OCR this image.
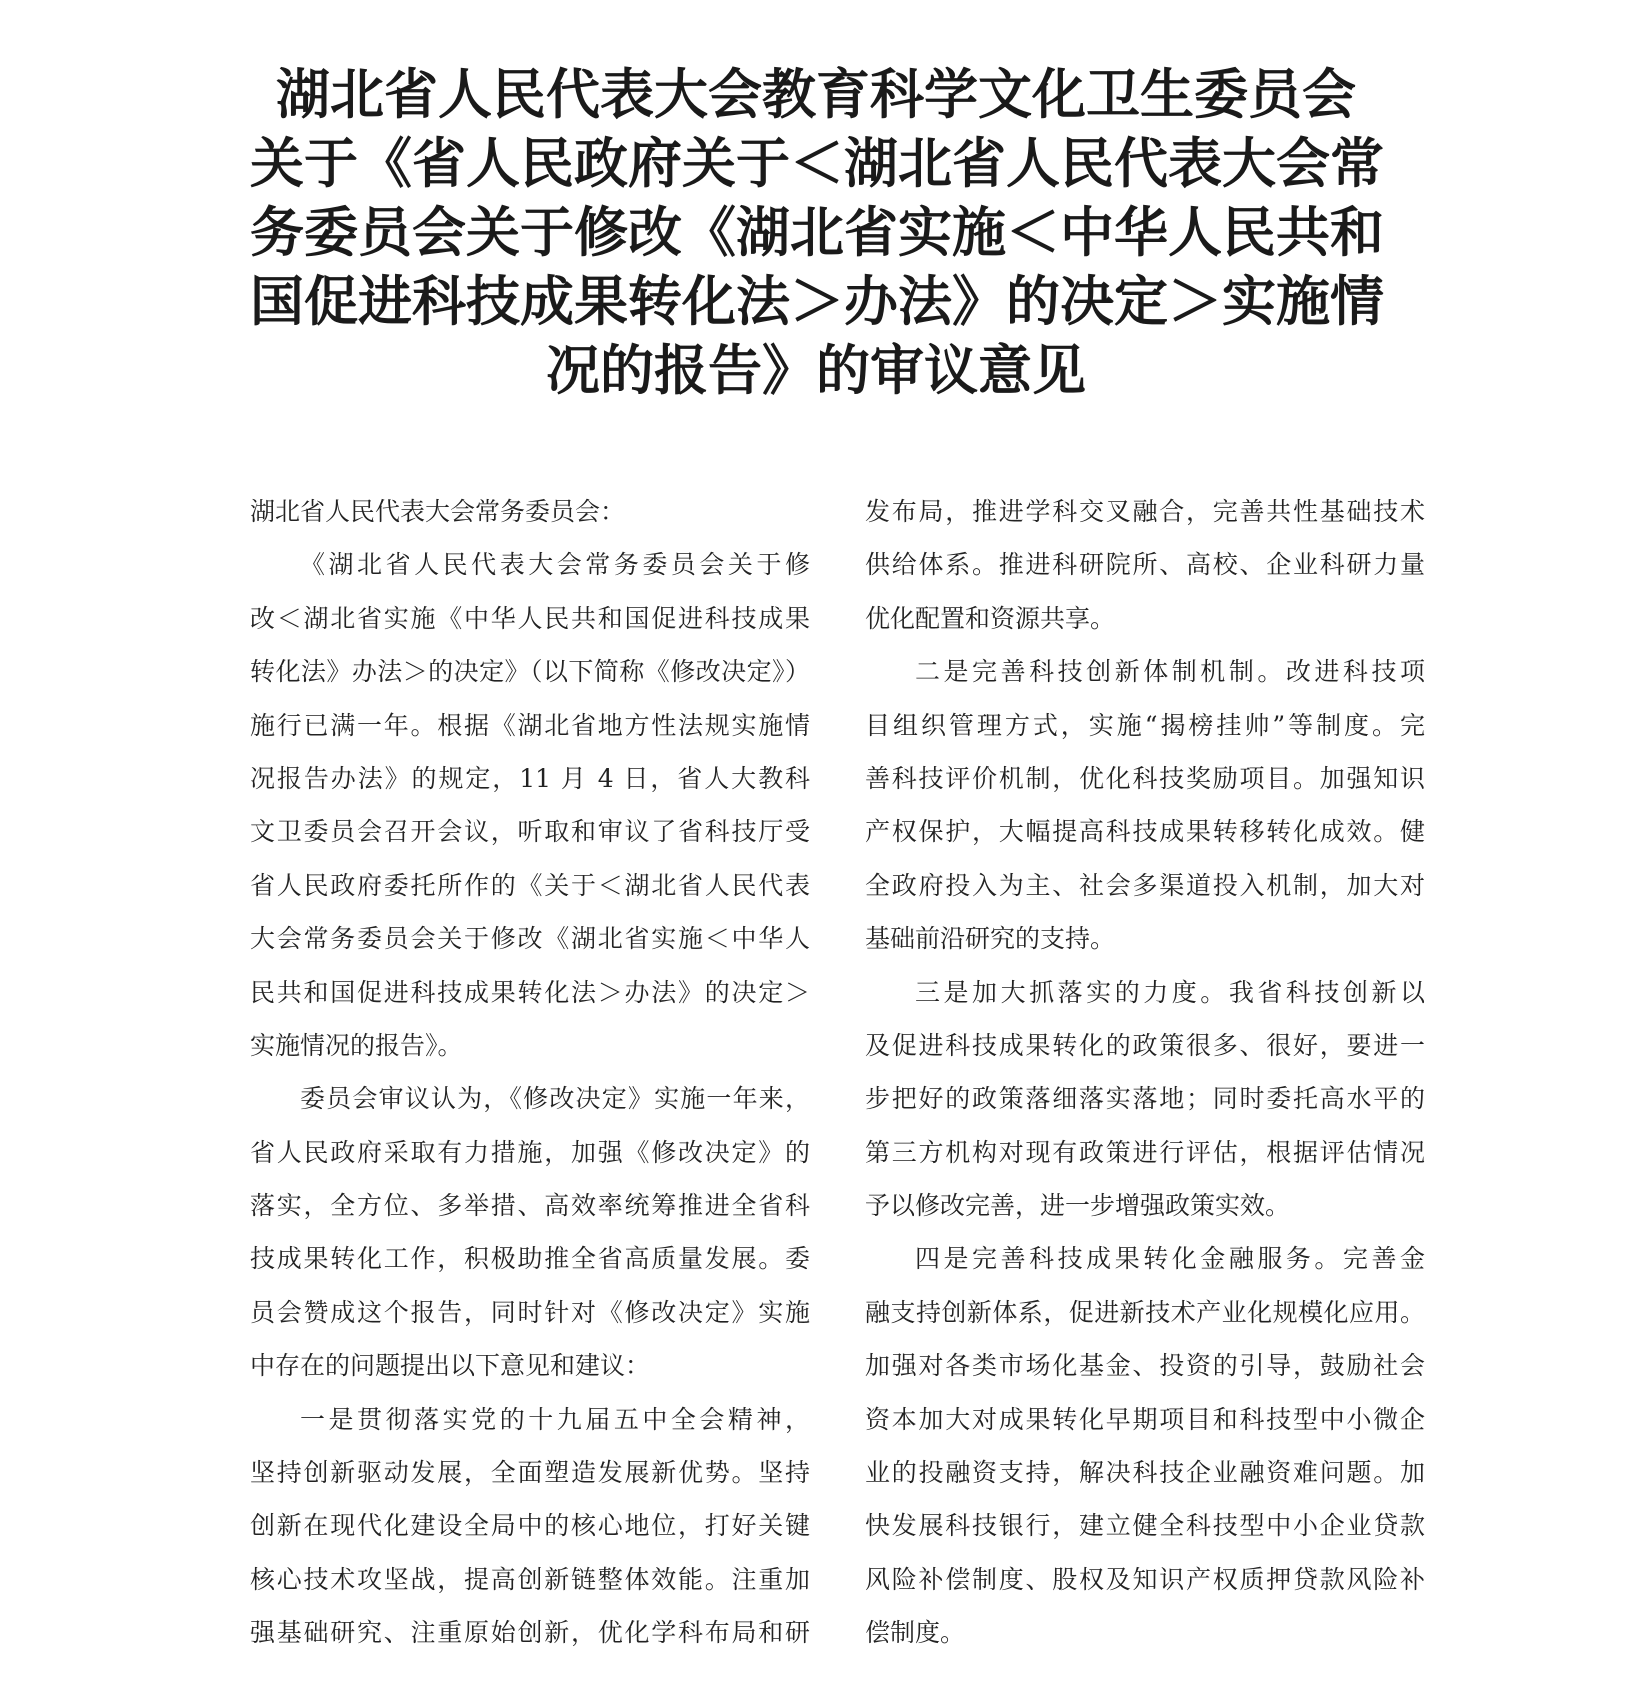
湖北省人民代表大会教育科学文化卫生委员会
关于《省人民政府关于＜湖北省人民代表大会常
务委员会关于修改《湖北省实施＜中华人民共和
国促进科技成果转化法＞办法》的决定＞实施情
况的报告》的审议意见
湖北省人民代表大会常务委员会：
《湖北省人民代表大会常务委员会关于修
改＜湖北省实施《中华人民共和国促进科技成果
转化法》办法＞的决定》（以下简称《修改决定》）
施行已满一年。根据《湖北省地方性法规实施情
况报告办法》的规定，11 月 4 日，省人大教科
文卫委员会召开会议，听取和审议了省科技厅受
省人民政府委托所作的《关于＜湖北省人民代表
大会常务委员会关于修改《湖北省实施＜中华人
民共和国促进科技成果转化法＞办法》的决定＞
实施情况的报告》。
委员会审议认为，《修改决定》实施一年来，
省人民政府采取有力措施，加强《修改决定》的
落实，全方位、多举措、高效率统筹推进全省科
技成果转化工作，积极助推全省高质量发展。委
员会赞成这个报告，同时针对《修改决定》实施
中存在的问题提出以下意见和建议：
一是贯彻落实党的十九届五中全会精神，
坚持创新驱动发展，全面塑造发展新优势。坚持
创新在现代化建设全局中的核心地位，打好关键
核心技术攻坚战，提高创新链整体效能。注重加
强基础研究、注重原始创新，优化学科布局和研
发布局，推进学科交叉融合，完善共性基础技术
供给体系。推进科研院所、高校、企业科研力量
优化配置和资源共享。
二是完善科技创新体制机制。改进科技项
目组织管理方式，实施“揭榜挂帅”等制度。完
善科技评价机制，优化科技奖励项目。加强知识
产权保护，大幅提高科技成果转移转化成效。健
全政府投入为主、社会多渠道投入机制，加大对
基础前沿研究的支持。
三是加大抓落实的力度。我省科技创新以
及促进科技成果转化的政策很多、很好，要进一
步把好的政策落细落实落地；同时委托高水平的
第三方机构对现有政策进行评估，根据评估情况
予以修改完善，进一步增强政策实效。
四是完善科技成果转化金融服务。完善金
融支持创新体系，促进新技术产业化规模化应用。
加强对各类市场化基金、投资的引导，鼓励社会
资本加大对成果转化早期项目和科技型中小微企
业的投融资支持，解决科技企业融资难问题。加
快发展科技银行，建立健全科技型中小企业贷款
风险补偿制度、股权及知识产权质押贷款风险补
偿制度。
